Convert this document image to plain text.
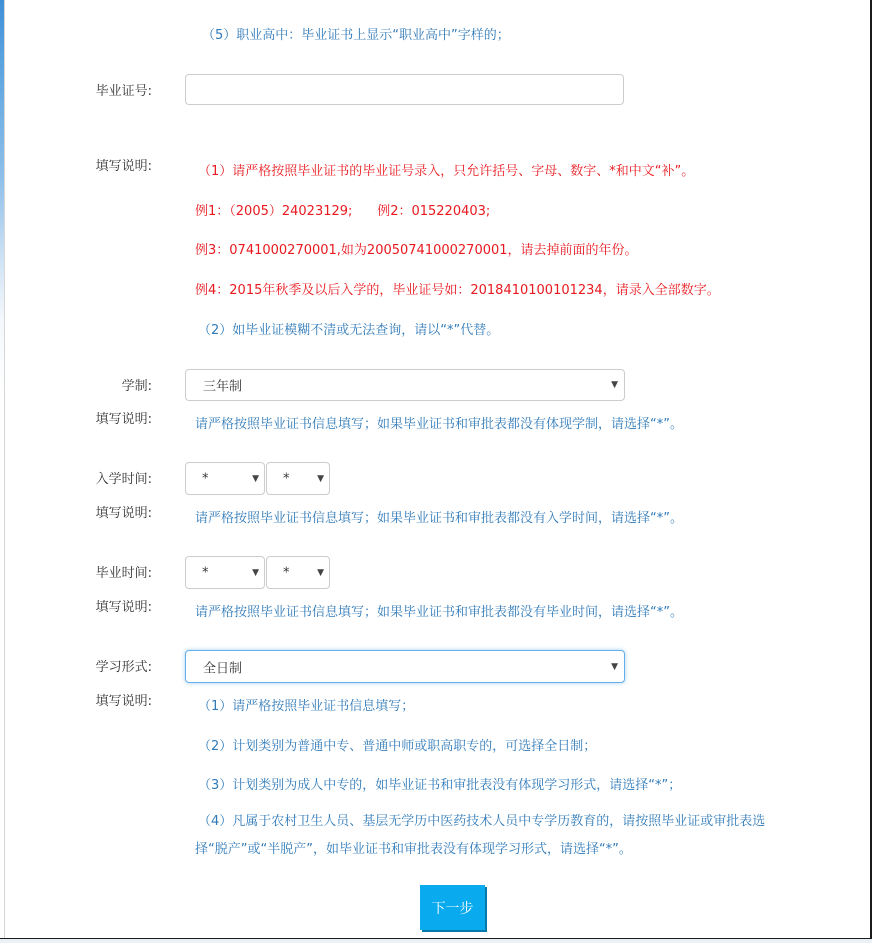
（5）职业高中：毕业证书上显示“职业高中”字样的；
毕业证号:
填写说明:	（1）请严格按照毕业证书的毕业证号录入，只允许括号、字母、数字、*和中文“补”。
例1：（2005）24023129;      例2：015220403;
例3：0741000270001,如为20050741000270001，请去掉前面的年份。
例4：2015年秋季及以后入学的，毕业证号如：2018410100101234，请录入全部数字。
（2）如毕业证模糊不清或无法查询，请以“*”代替。
学制:	三年制	▼
填写说明:	请严格按照毕业证书信息填写；如果毕业证书和审批表都没有体现学制，请选择“*”。
入学时间:	*	▼ *	▼
填写说明:	请严格按照毕业证书信息填写；如果毕业证书和审批表都没有入学时间，请选择“*”。
毕业时间:	*	▼ *	▼
填写说明:	请严格按照毕业证书信息填写；如果毕业证书和审批表都没有毕业时间，请选择“*”。
学习形式:	全日制	▼
填写说明:	（1）请严格按照毕业证书信息填写；
（2）计划类别为普通中专、普通中师或职高职专的，可选择全日制；
（3）计划类别为成人中专的，如毕业证书和审批表没有体现学习形式，请选择“*”；
（4）凡属于农村卫生人员、基层无学历中医药技术人员中专学历教育的，请按照毕业证或审批表选
择“脱产”或“半脱产”，如毕业证书和审批表没有体现学习形式，请选择“*”。
下一步
